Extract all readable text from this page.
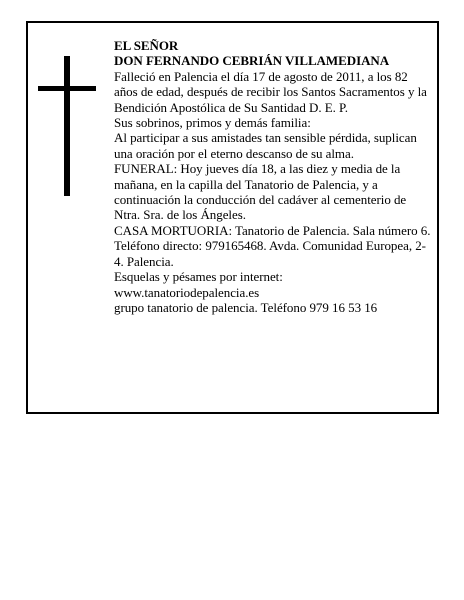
EL SEÑOR

DON FERNANDO CEBRIÁN VILLAMEDIANA

Falleció en Palencia el día 17 de agosto de 2011, a los 82 años de edad, después de recibir los Santos Sacramentos y la Bendición Apostólica de Su Santidad D. E. P.

Sus sobrinos, primos y demás familia:

Al participar a sus amistades tan sensible pérdida, suplican una oración por el eterno descanso de su alma.

FUNERAL: Hoy jueves día 18, a las diez y media de la mañana, en la capilla del Tanatorio de Palencia, y a continuación la conducción del cadáver al cementerio de Ntra. Sra. de los Ángeles.

CASA MORTUORIA: Tanatorio de Palencia. Sala número 6. Teléfono directo: 979165468. Avda. Comunidad Europea, 2-4. Palencia.

Esquelas y pésames por internet:

www.tanatoriodepalencia.es

grupo tanatorio de palencia. Teléfono 979 16 53 16
